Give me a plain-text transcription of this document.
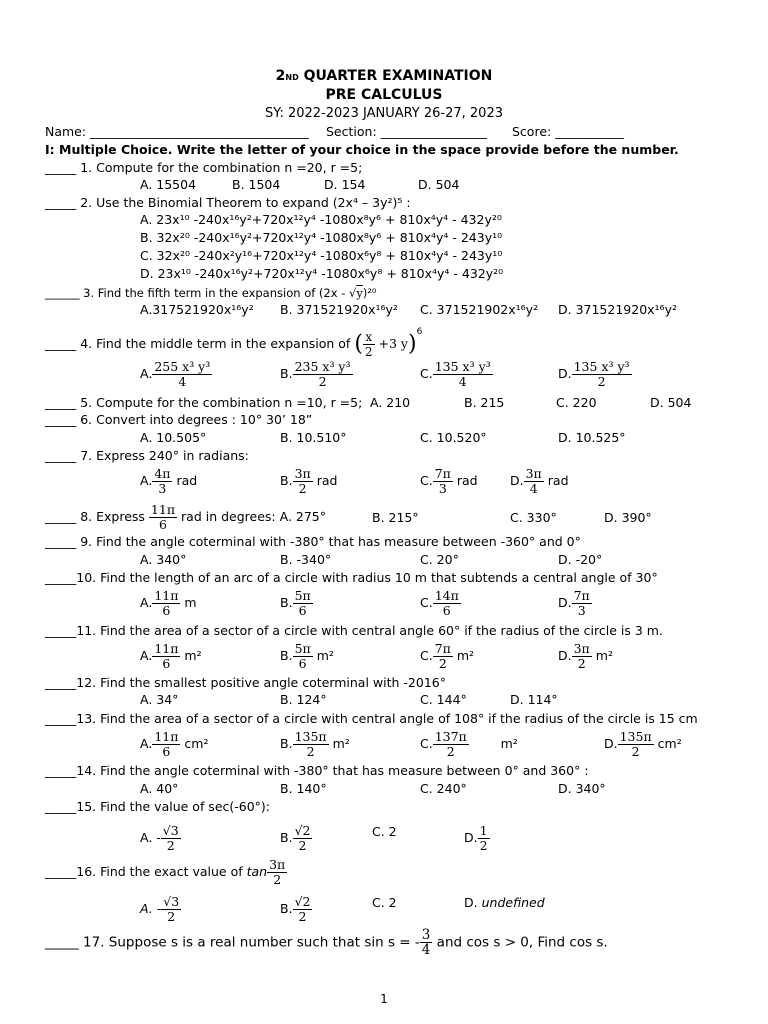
2ND QUARTER EXAMINATION
PRE CALCULUS
SY: 2022-2023 JANUARY 26-27, 2023
Name: ___________________________________ Section: _________________ Score: ___________
I: Multiple Choice. Write the letter of your choice in the space provide before the number.
_____ 1. Compute for the combination n =20, r =5;
A. 15504	B. 1504	D. 154	D. 504
_____ 2. Use the Binomial Theorem to expand (2x⁴ – 3y²)⁵ :
A. 23x¹⁰ -240x¹⁶y²+720x¹²y⁴ -1080x⁸y⁶ + 810x⁴y⁴ - 432y²⁰
B. 32x²⁰ -240x¹⁶y²+720x¹²y⁴ -1080x⁸y⁶ + 810x⁴y⁴ - 243y¹⁰
C. 32x²⁰ -240x²y¹⁶+720x¹²y⁴ -1080x⁶y⁸ + 810x⁴y⁴ - 243y¹⁰
D. 23x¹⁰ -240x¹⁶y²+720x¹²y⁴ -1080x⁶y⁸ + 810x⁴y⁴ - 432y²⁰
______ 3. Find the fifth term in the expansion of (2x - √y)²⁰
A.317521920x¹⁶y² B. 371521920x¹⁶y² C. 371521902x¹⁶y² D. 371521920x¹⁶y²
_____ 4. Find the middle term in the expansion of ( $\frac{x}{2} +3$ y)$^6$
A. $\frac{\text{255 x³ y³}}{4}$	B. $\frac{\text{235 x³ y³}}{2}$	C. $\frac{\text{135 x³ y³}}{4}$	D. $\frac{\text{135 x³ y³}}{2}$
_____ 5. Compute for the combination n =10, r =5; A. 210	B. 215	C. 220	D. 504
_____ 6. Convert into degrees : 10° 30’ 18”
A. 10.505°	B. 10.510°	C. 10.520°	D. 10.525°
_____ 7. Express 240° in radians:
A. $\frac{4\pi}{3}$ rad	B. $\frac{3\pi}{2}$ rad	C. $\frac{7\pi}{3}$ rad	D. $\frac{3\pi}{4}$ rad
_____ 8. Express $\frac{11\pi}{6}$ rad in degrees: A. 275°	B. 215°	C. 330°	D. 390°
_____ 9. Find the angle coterminal with -380° that has measure between -360° and 0°
A. 340°	B. -340°	C. 20°	D. -20°
_____10. Find the length of an arc of a circle with radius 10 m that subtends a central angle of 30°
A. $\frac{11\pi}{6}$ m	B. $\frac{5\pi}{6}$	C. $\frac{14\pi}{6}$	D. $\frac{7\pi}{3}$
_____11. Find the area of a sector of a circle with central angle 60° if the radius of the circle is 3 m.
A. $\frac{11\pi}{6} m^2$	B. $\frac{5\pi}{6} m^2$	C. $\frac{7\pi}{2} m^2$	D. $\frac{3\pi}{2} m^2$
_____12. Find the smallest positive angle coterminal with -2016°
A. 34°	B. 124°	C. 144°	D. 114°
_____13. Find the area of a sector of a circle with central angle of 108° if the radius of the circle is 15 cm
A. $\frac{11\pi}{6} cm^2$	B. $\frac{135\pi}{2} m^2$	C. $\frac{137\pi}{2}$	m²	D. $\frac{135\pi}{2} cm^2$
_____14. Find the angle coterminal with -380° that has measure between 0° and 360° :
A. 40°	B. 140°	C. 240°	D. 340°
_____15. Find the value of sec(-60°):
A. - $\frac{√3}{2}$	B. $\frac{√2}{2}$	C. 2	D. $\frac{1}{2}$
_____16. Find the exact value of $\tan \frac{3\pi}{2}$
A. - $\frac{√3}{2}$	B. $\frac{√2}{2}$	C. 2	D. undefined
_____ 17. Suppose s is a real number such that sin s = - $\frac{3}{4}$ and cos s > 0, Find cos s.
1
